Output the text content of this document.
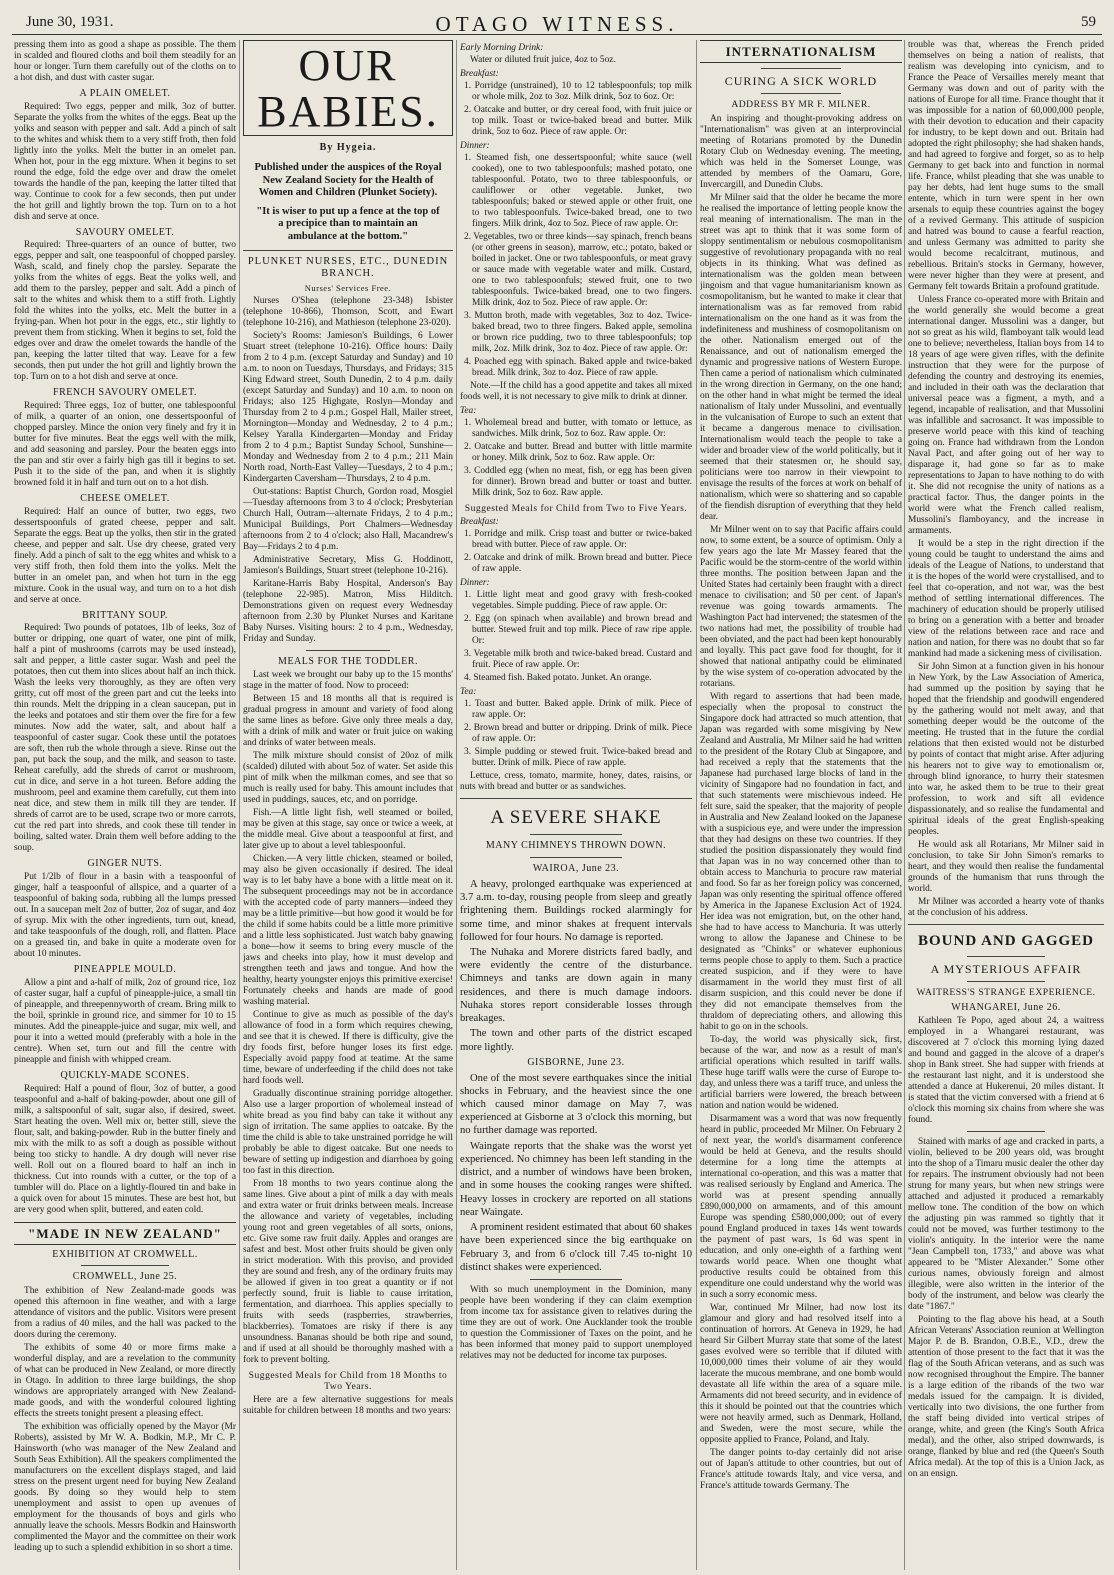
June 30, 1931.	OTAGO WITNESS.	59

pressing them into as good a shape as possible. The them in scalded and floured cloths and boil them steadily for an hour or longer. Turn them carefully out of the cloths on to a hot dish, and dust with caster sugar.

A PLAIN OMELET.

Required: Two eggs, pepper and milk, 3oz of butter. Separate the yolks from the whites of the eggs. Beat up the yolks and season with pepper and salt. Add a pinch of salt to the whites and whisk them to a very stiff froth, then fold lightly into the yolks. Melt the butter in an omelet pan. When hot, pour in the egg mixture. When it begins to set round the edge, fold the edge over and draw the omelet towards the handle of the pan, keeping the latter tilted that way. Continue to cook for a few seconds, then put under the hot grill and lightly brown the top. Turn on to a hot dish and serve at once.

SAVOURY OMELET.

Required: Three-quarters of an ounce of butter, two eggs, pepper and salt, one teaspoonful of chopped parsley. Wash, scald, and finely chop the parsley. Separate the yolks from the whites of eggs. Beat the yolks well, and add them to the parsley, pepper and salt. Add a pinch of salt to the whites and whisk them to a stiff froth. Lightly fold the whites into the yolks, etc. Melt the butter in a frying-pan. When hot pour in the eggs, etc., stir lightly to prevent them from sticking. When it begins to set, fold the edges over and draw the omelet towards the handle of the pan, keeping the latter tilted that way. Leave for a few seconds, then put under the hot grill and lightly brown the top. Turn on to a hot dish and serve at once.

FRENCH SAVOURY OMELET.

Required: Three eggs, 1oz of butter, one tablespoonful of milk, a quarter of an onion, one dessertspoonful of chopped parsley. Mince the onion very finely and fry it in butter for five minutes. Beat the eggs well with the milk, and add seasoning and parsley. Pour the beaten eggs into the pan and stir over a fairly high gas till it begins to set. Push it to the side of the pan, and when it is slightly browned fold it in half and turn out on to a hot dish.

CHEESE OMELET.

Required: Half an ounce of butter, two eggs, two dessertspoonfuls of grated cheese, pepper and salt. Separate the eggs. Beat up the yolks, then stir in the grated cheese, and pepper and salt. Use dry cheese, grated very finely. Add a pinch of salt to the egg whites and whisk to a very stiff froth, then fold them into the yolks. Melt the butter in an omelet pan, and when hot turn in the egg mixture. Cook in the usual way, and turn on to a hot dish and serve at once.

BRITTANY SOUP.

Required: Two pounds of potatoes, 1lb of leeks, 3oz of butter or dripping, one quart of water, one pint of milk, half a pint of mushrooms (carrots may be used instead), salt and pepper, a little caster sugar. Wash and peel the potatoes, then cut them into slices about half an inch thick. Wash the leeks very thoroughly, as they are often very gritty, cut off most of the green part and cut the leeks into thin rounds. Melt the dripping in a clean saucepan, put in the leeks and potatoes and stir them over the fire for a few minutes. Now add the water, salt, and about half a teaspoonful of caster sugar. Cook these until the potatoes are soft, then rub the whole through a sieve. Rinse out the pan, put back the soup, and the milk, and season to taste. Reheat carefully, add the shreds of carrot or mushroom, cut in dice, and serve in a hot tureen. Before adding the mushroom, peel and examine them carefully, cut them into neat dice, and stew them in milk till they are tender. If shreds of carrot are to be used, scrape two or more carrots, cut the red part into shreds, and cook these till tender in boiling, salted water. Drain them well before adding to the soup.

GINGER NUTS.

Put 1/2lb of flour in a basin with a teaspoonful of ginger, half a teaspoonful of allspice, and a quarter of a teaspoonful of baking soda, rubbing all the lumps pressed out. In a saucepan melt 2oz of butter, 2oz of sugar, and 4oz of syrup. Mix with the other ingredients, turn out, knead, and take teaspoonfuls of the dough, roll, and flatten. Place on a greased tin, and bake in quite a moderate oven for about 10 minutes.

PINEAPPLE MOULD.

Allow a pint and a-half of milk, 2oz of ground rice, 1oz of caster sugar, half a cupful of pineapple-juice, a small tin of pineapple, and threepennyworth of cream. Bring milk to the boil, sprinkle in ground rice, and simmer for 10 to 15 minutes. Add the pineapple-juice and sugar, mix well, and pour it into a wetted mould (preferably with a hole in the centre). When set, turn out and fill the centre with pineapple and finish with whipped cream.

QUICKLY-MADE SCONES.

Required: Half a pound of flour, 3oz of butter, a good teaspoonful and a-half of baking-powder, about one gill of milk, a saltspoonful of salt, sugar also, if desired, sweet. Start heating the oven. Well mix or, better still, sieve the flour, salt, and baking-powder. Rub in the butter finely and mix with the milk to as soft a dough as possible without being too sticky to handle. A dry dough will never rise well. Roll out on a floured board to half an inch in thickness. Cut into rounds with a cutter, or the top of a tumbler will do. Place on a lightly-floured tin and bake in a quick oven for about 15 minutes. These are best hot, but are very good when split, buttered, and eaten cold.

"MADE IN NEW ZEALAND"
EXHIBITION AT CROMWELL.
CROMWELL, June 25.

The exhibition of New Zealand-made goods was opened this afternoon in fine weather, and with a large attendance of visitors and the public. Visitors were present from a radius of 40 miles, and the hall was packed to the doors during the ceremony.

The exhibits of some 40 or more firms make a wonderful display, and are a revelation to the community of what can be produced in New Zealand, or more directly in Otago. In addition to three large buildings, the shop windows are appropriately arranged with New Zealand-made goods, and with the wonderful coloured lighting effects the streets tonight present a pleasing effect.

The exhibition was officially opened by the Mayor (Mr Roberts), assisted by Mr W. A. Bodkin, M.P., Mr C. P. Hainsworth (who was manager of the New Zealand and South Seas Exhibition). All the speakers complimented the manufacturers on the excellent displays staged, and laid stress on the present urgent need for buying New Zealand goods. By doing so they would help to stem unemployment and assist to open up avenues of employment for the thousands of boys and girls who annually leave the schools. Messrs Bodkin and Hainsworth complimented the Mayor and the committee on their work leading up to such a splendid exhibition in so short a time.

OUR BABIES.
By Hygeia.
Published under the auspices of the Royal New Zealand Society for the Health of Women and Children (Plunket Society).
"It is wiser to put up a fence at the top of a precipice than to maintain an ambulance at the bottom."
PLUNKET NURSES, ETC., DUNEDIN BRANCH.
Nurses' Services Free.

Nurses O'Shea (telephone 23-348) Isbister (telephone 10-866), Thomson, Scott, and Ewart (telephone 10-216), and Mathieson (telephone 23-020).

Society's Rooms: Jamieson's Buildings, 6 Lower Stuart street (telephone 10-216). Office hours: Daily from 2 to 4 p.m. (except Saturday and Sunday) and 10 a.m. to noon on Tuesdays, Thursdays, and Fridays; 315 King Edward street, South Dunedin, 2 to 4 p.m. daily (except Saturday and Sunday) and 10 a.m. to noon on Fridays; also 125 Highgate, Roslyn—Monday and Thursday from 2 to 4 p.m.; Gospel Hall, Mailer street, Mornington—Monday and Wednesday, 2 to 4 p.m.; Kelsey Yaralla Kindergarten—Monday and Friday from 2 to 4 p.m.; Baptist Sunday School, Sunshine—Monday and Wednesday from 2 to 4 p.m.; 211 Main North road, North-East Valley—Tuesdays, 2 to 4 p.m.; Kindergarten Caversham—Thursdays, 2 to 4 p.m.

Out-stations: Baptist Church, Gordon road, Mosgiel—Tuesday afternoons from 3 to 4 o'clock; Presbyterian Church Hall, Outram—alternate Fridays, 2 to 4 p.m.; Municipal Buildings, Port Chalmers—Wednesday afternoons from 2 to 4 o'clock; also Hall, Macandrew's Bay—Fridays 2 to 4 p.m.

Administrative Secretary, Miss G. Hoddinott, Jamieson's Buildings, Stuart street (telephone 10-216).

Karitane-Harris Baby Hospital, Anderson's Bay (telephone 22-985). Matron, Miss Hilditch. Demonstrations given on request every Wednesday afternoon from 2.30 by Plunket Nurses and Karitane Baby Nurses. Visiting hours: 2 to 4 p.m., Wednesday, Friday and Sunday.

MEALS FOR THE TODDLER.

Last week we brought our baby up to the 15 months' stage in the matter of food. Now to proceed:

Between 15 and 18 months all that is required is gradual progress in amount and variety of food along the same lines as before. Give only three meals a day, with a drink of milk and water or fruit juice on waking and drinks of water between meals.

The milk mixture should consist of 20oz of milk (scalded) diluted with about 5oz of water. Set aside this pint of milk when the milkman comes, and see that so much is really used for baby. This amount includes that used in puddings, sauces, etc, and on porridge.

Fish.—A little light fish, well steamed or boiled, may be given at this stage, say once or twice a week, at the middle meal. Give about a teaspoonful at first, and later give up to about a level tablespoonful.

Chicken.—A very little chicken, steamed or boiled, may also be given occasionally if desired. The ideal way is to let baby have a bone with a little meat on it. The subsequent proceedings may not be in accordance with the accepted code of party manners—indeed they may be a little primitive—but how good it would be for the child if some habits could be a little more primitive and a little less sophisticated. Just watch baby gnawing a bone—how it seems to bring every muscle of the jaws and cheeks into play, how it must develop and strengthen teeth and jaws and tongue. And how the healthy, hearty youngster enjoys this primitive exercise! Fortunately cheeks and hands are made of good washing material.

Continue to give as much as possible of the day's allowance of food in a form which requires chewing, and see that it is chewed. If there is difficulty, give the dry foods first, before hunger loses its first edge. Especially avoid pappy food at teatime. At the same time, beware of underfeeding if the child does not take hard foods well.

Gradually discontinue straining porridge altogether. Also use a larger proportion of wholemeal instead of white bread as you find baby can take it without any sign of irritation. The same applies to oatcake. By the time the child is able to take unstrained porridge he will probably be able to digest oatcake. But one needs to beware of setting up indigestion and diarrhoea by going too fast in this direction.

From 18 months to two years continue along the same lines. Give about a pint of milk a day with meals and extra water or fruit drinks between meals. Increase the allowance and variety of vegetables, including young root and green vegetables of all sorts, onions, etc. Give some raw fruit daily. Apples and oranges are safest and best. Most other fruits should be given only in strict moderation. With this proviso, and provided they are sound and fresh, any of the ordinary fruits may be allowed if given in too great a quantity or if not perfectly sound, fruit is liable to cause irritation, fermentation, and diarrhoea. This applies specially to fruits with seeds (raspberries, strawberries, blackberries). Tomatoes are risky if there is any unsoundness. Bananas should be both ripe and sound, and if used at all should be thoroughly mashed with a fork to prevent bolting.

Suggested Meals for Child from 18 Months to Two Years.

Here are a few alternative suggestions for meals suitable for children between 18 months and two years:

Early Morning Drink:

Water or diluted fruit juice, 4oz to 5oz.

Breakfast:

1. Porridge (unstrained), 10 to 12 tablespoonfuls; top milk or whole milk, 2oz to 3oz. Milk drink, 5oz to 6oz. Or:

2. Oatcake and butter, or dry cereal food, with fruit juice or top milk. Toast or twice-baked bread and butter. Milk drink, 5oz to 6oz. Piece of raw apple. Or:

Dinner:

1. Steamed fish, one dessertspoonful; white sauce (well cooked), one to two tablespoonfuls; mashed potato, one tablespoonful. Potato, two to three tablespoonfuls, or cauliflower or other vegetable. Junket, two tablespoonfuls; baked or stewed apple or other fruit, one to two tablespoonfuls. Twice-baked bread, one to two fingers. Milk drink, 4oz to 5oz. Piece of raw apple. Or:

2. Vegetables, two or three kinds—say spinach, french beans (or other greens in season), marrow, etc.; potato, baked or boiled in jacket. One or two tablespoonfuls, or meat gravy or sauce made with vegetable water and milk. Custard, one to two tablespoonfuls; stewed fruit, one to two tablespoonfuls. Twice-baked bread, one to two fingers. Milk drink, 4oz to 5oz. Piece of raw apple. Or:

3. Mutton broth, made with vegetables, 3oz to 4oz. Twice-baked bread, two to three fingers. Baked apple, semolina or brown rice pudding, two to three tablespoonfuls; top milk, 2oz. Milk drink, 3oz to 4oz. Piece of raw apple. Or:

4. Poached egg with spinach. Baked apple and twice-baked bread. Milk drink, 3oz to 4oz. Piece of raw apple.

Note.—If the child has a good appetite and takes all mixed foods well, it is not necessary to give milk to drink at dinner.

Tea:

1. Wholemeal bread and butter, with tomato or lettuce, as sandwiches. Milk drink, 5oz to 6oz. Raw apple. Or:

2. Oatcake and butter. Bread and butter with little marmite or honey. Milk drink, 5oz to 6oz. Raw apple. Or:

3. Coddled egg (when no meat, fish, or egg has been given for dinner). Brown bread and butter or toast and butter. Milk drink, 5oz to 6oz. Raw apple.

Suggested Meals for Child from Two to Five Years.
Breakfast:

1. Porridge and milk. Crisp toast and butter or twice-baked bread with butter. Piece of raw apple. Or:

2. Oatcake and drink of milk. Brown bread and butter. Piece of raw apple.

Dinner:

1. Little light meat and good gravy with fresh-cooked vegetables. Simple pudding. Piece of raw apple. Or:

2. Egg (on spinach when available) and brown bread and butter. Stewed fruit and top milk. Piece of raw ripe apple. Or:

3. Vegetable milk broth and twice-baked bread. Custard and fruit. Piece of raw apple. Or:

4. Steamed fish. Baked potato. Junket. An orange.

Tea:

1. Toast and butter. Baked apple. Drink of milk. Piece of raw apple. Or:

2. Brown bread and butter or dripping. Drink of milk. Piece of raw apple. Or:

3. Simple pudding or stewed fruit. Twice-baked bread and butter. Drink of milk. Piece of raw apple.

Lettuce, cress, tomato, marmite, honey, dates, raisins, or nuts with bread and butter or as sandwiches.

A SEVERE SHAKE
MANY CHIMNEYS THROWN DOWN.
WAIROA, June 23.

A heavy, prolonged earthquake was experienced at 3.7 a.m. to-day, rousing people from sleep and greatly frightening them. Buildings rocked alarmingly for some time, and minor shakes at frequent intervals followed for four hours. No damage is reported.

The Nuhaka and Morere districts fared badly, and were evidently the centre of the disturbance. Chimneys and tanks are down again in many residences, and there is much damage indoors. Nuhaka stores report considerable losses through breakages.

The town and other parts of the district escaped more lightly.

GISBORNE, June 23.

One of the most severe earthquakes since the initial shocks in February, and the heaviest since the one which caused minor damage on May 7, was experienced at Gisborne at 3 o'clock this morning, but no further damage was reported.

Waingate reports that the shake was the worst yet experienced. No chimney has been left standing in the district, and a number of windows have been broken, and in some houses the cooking ranges were shifted. Heavy losses in crockery are reported on all stations near Waingate.

A prominent resident estimated that about 60 shakes have been experienced since the big earthquake on February 3, and from 6 o'clock till 7.45 to-night 10 distinct shakes were experienced.

With so much unemployment in the Dominion, many people have been wondering if they can claim exemption from income tax for assistance given to relatives during the time they are out of work. One Aucklander took the trouble to question the Commissioner of Taxes on the point, and he has been informed that money paid to support unemployed relatives may not be deducted for income tax purposes.

INTERNATIONALISM
CURING A SICK WORLD
ADDRESS BY MR F. MILNER.

An inspiring and thought-provoking address on "Internationalism" was given at an interprovincial meeting of Rotarians promoted by the Dunedin Rotary Club on Wednesday evening. The meeting, which was held in the Somerset Lounge, was attended by members of the Oamaru, Gore, Invercargill, and Dunedin Clubs.

Mr Milner said that the older he became the more he realised the importance of letting people know the real meaning of internationalism. The man in the street was apt to think that it was some form of sloppy sentimentalism or nebulous cosmopolitanism suggestive of revolutionary propaganda with no real objects in its thinking. What was defined as internationalism was the golden mean between jingoism and that vague humanitarianism known as cosmopolitanism, but he wanted to make it clear that internationalism was as far removed from rabid internationalism on the one hand as it was from the indefiniteness and mushiness of cosmopolitanism on the other. Nationalism emerged out of the Renaissance, and out of nationalism emerged the dynamic and progressive nations of Western Europe. Then came a period of nationalism which culminated in the wrong direction in Germany, on the one hand; on the other hand in what might be termed the ideal nationalism of Italy under Mussolini, and eventually in the vulcanisation of Europe to such an extent that it became a dangerous menace to civilisation. Internationalism would teach the people to take a wider and broader view of the world politically, but it seemed that their statesmen or, he should say, politicians were too narrow in their viewpoint to envisage the results of the forces at work on behalf of nationalism, which were so shattering and so capable of the fiendish disruption of everything that they held dear.

Mr Milner went on to say that Pacific affairs could now, to some extent, be a source of optimism. Only a few years ago the late Mr Massey feared that the Pacific would be the storm-centre of the world within three months. The position between Japan and the United States had certainly been fraught with a direct menace to civilisation; and 50 per cent. of Japan's revenue was going towards armaments. The Washington Pact had intervened; the statesmen of the two nations had met, the possibility of trouble had been obviated, and the pact had been kept honourably and loyally. This pact gave food for thought, for it showed that national antipathy could be eliminated by the wise system of co-operation advocated by the rotarians.

With regard to assertions that had been made, especially when the proposal to construct the Singapore dock had attracted so much attention, that Japan was regarded with some misgiving by New Zealand and Australia, Mr Milner said he had written to the president of the Rotary Club at Singapore, and had received a reply that the statements that the Japanese had purchased large blocks of land in the vicinity of Singapore had no foundation in fact, and that such statements were mischievous indeed. He felt sure, said the speaker, that the majority of people in Australia and New Zealand looked on the Japanese with a suspicious eye, and were under the impression that they had designs on these two countries. If they studied the position dispassionately they would find that Japan was in no way concerned other than to obtain access to Manchuria to procure raw material and food. So far as her foreign policy was concerned, Japan was only resenting the spiritual offence offered by America in the Japanese Exclusion Act of 1924. Her idea was not emigration, but, on the other hand, she had to have access to Manchuria. It was utterly wrong to allow the Japanese and Chinese to be designated as "Chinks" or whatever euphonious terms people chose to apply to them. Such a practice created suspicion, and if they were to have disarmament in the world they must first of all disarm suspicion, and this could never be done if they did not emancipate themselves from the thraldom of depreciating others, and allowing this habit to go on in the schools.

To-day, the world was physically sick, first, because of the war, and now as a result of man's artificial operations which resulted in tariff walls. These huge tariff walls were the curse of Europe to-day, and unless there was a tariff truce, and unless the artificial barriers were lowered, the breach between nation and nation would be widened.

Disarmament was a word that was now frequently heard in public, proceeded Mr Milner. On February 2 of next year, the world's disarmament conference would be held at Geneva, and the results should determine for a long time the attempts at international co-operation, and this was a matter that was realised seriously by England and America. The world was at present spending annually £890,000,000 on armaments, and of this amount Europe was spending £580,000,000; out of every pound England produced in taxes 14s went towards the payment of past wars, 1s 6d was spent in education, and only one-eighth of a farthing went towards world peace. When one thought what productive results could be obtained from this expenditure one could understand why the world was in such a sorry economic mess.

War, continued Mr Milner, had now lost its glamour and glory and had resolved itself into a continuation of horrors. At Geneva in 1929, he had heard Sir Gilbert Murray state that some of the latest gases evolved were so terrible that if diluted with 10,000,000 times their volume of air they would lacerate the mucous membrane, and one bomb would devastate all life within the area of a square mile. Armaments did not breed security, and in evidence of this it should be pointed out that the countries which were not heavily armed, such as Denmark, Holland, and Sweden, were the most secure, while the opposite applied to France, Poland, and Italy.

The danger points to-day certainly did not arise out of Japan's attitude to other countries, but out of France's attitude towards Italy, and vice versa, and France's attitude towards Germany. The

trouble was that, whereas the French prided themselves on being a nation of realists, that realism was developing into cynicism, and to France the Peace of Versailles merely meant that Germany was down and out of parity with the nations of Europe for all time. France thought that it was impossible for a nation of 60,000,000 people, with their devotion to education and their capacity for industry, to be kept down and out. Britain had adopted the right philosophy; she had shaken hands, and had agreed to forgive and forget, so as to help Germany to get back into and function in normal life. France, whilst pleading that she was unable to pay her debts, had lent huge sums to the small entente, which in turn were spent in her own arsenals to equip these countries against the bogey of a revived Germany. This attitude of suspicion and hatred was bound to cause a fearful reaction, and unless Germany was admitted to parity she would become recalcitrant, mutinous, and rebellious. Britain's stocks in Germany, however, were never higher than they were at present, and Germany felt towards Britain a profound gratitude.

Unless France co-operated more with Britain and the world generally she would become a great international danger. Mussolini was a danger, but not so great as his wild, flamboyant talk would lead one to believe; nevertheless, Italian boys from 14 to 18 years of age were given rifles, with the definite instruction that they were for the purpose of defending the country and destroying its enemies, and included in their oath was the declaration that universal peace was a figment, a myth, and a legend, incapable of realisation, and that Mussolini was infallible and sacrosanct. It was impossible to preserve world peace with this kind of teaching going on. France had withdrawn from the London Naval Pact, and after going out of her way to disparage it, had gone so far as to make representations to Japan to have nothing to do with it. She did not recognise the unity of nations as a practical factor. Thus, the danger points in the world were what the French called realism, Mussolini's flamboyancy, and the increase in armaments.

It would be a step in the right direction if the young could be taught to understand the aims and ideals of the League of Nations, to understand that it is the hopes of the world were crystallised, and to feel that co-operation, and not war, was the best method of settling international differences. The machinery of education should be properly utilised to bring on a generation with a better and broader view of the relations between race and race and nation and nation, for there was no doubt that so far mankind had made a sickening mess of civilisation.

Sir John Simon at a function given in his honour in New York, by the Law Association of America, had summed up the position by saying that he hoped that the friendship and goodwill engendered by the gathering would not melt away, and that something deeper would be the outcome of the meeting. He trusted that in the future the cordial relations that then existed would not be disturbed by points of contact that might arise. After adjuring his hearers not to give way to emotionalism or, through blind ignorance, to hurry their statesmen into war, he asked them to be true to their great profession, to work and sift all evidence dispassionately, and so realise the fundamental and spiritual ideals of the great English-speaking peoples.

He would ask all Rotarians, Mr Milner said in conclusion, to take Sir John Simon's remarks to heart, and they would then realise the fundamental grounds of the humanism that runs through the world.

Mr Milner was accorded a hearty vote of thanks at the conclusion of his address.

BOUND AND GAGGED
A MYSTERIOUS AFFAIR
WAITRESS'S STRANGE EXPERIENCE.
WHANGAREI, June 26.

Kathleen Te Popo, aged about 24, a waitress employed in a Whangarei restaurant, was discovered at 7 o'clock this morning lying dazed and bound and gagged in the alcove of a draper's shop in Bank street. She had supper with friends at the restaurant last night, and it is understood she attended a dance at Hukerenui, 20 miles distant. It is stated that the victim conversed with a friend at 6 o'clock this morning six chains from where she was found.

Stained with marks of age and cracked in parts, a violin, believed to be 200 years old, was brought into the shop of a Timaru music dealer the other day for repairs. The instrument obviously had not been strung for many years, but when new strings were attached and adjusted it produced a remarkably mellow tone. The condition of the bow on which the adjusting pin was rammed so tightly that it could not be moved, was further testimony to the violin's antiquity. In the interior were the name "Jean Campbell ton, 1733," and above was what appeared to be "Mister Alexander." Some other curious names, obviously foreign and almost illegible, were also written in the interior of the body of the instrument, and below was clearly the date "1867."

Pointing to the flag above his head, at a South African Veterans' Association reunion at Wellington Major P. de B. Brandon, O.B.E., V.D., drew the attention of those present to the fact that it was the flag of the South African veterans, and as such was now recognised throughout the Empire. The banner is a large edition of the ribands of the two war medals issued for the campaign. It is divided, vertically into two divisions, the one further from the staff being divided into vertical stripes of orange, white, and green (the King's South Africa medal), and the other, also striped downwards, is orange, flanked by blue and red (the Queen's South Africa medal). At the top of this is a Union Jack, as on an ensign.
